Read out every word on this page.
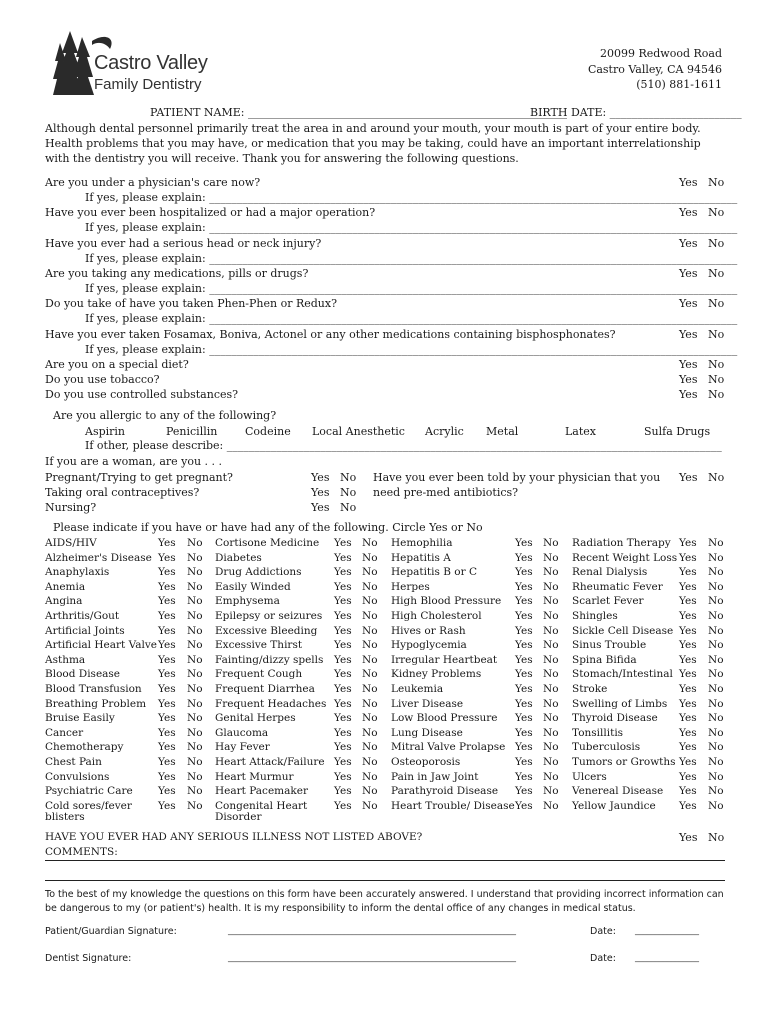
Castro Valley
Family Dentistry
20099 Redwood Road
Castro Valley, CA 94546
(510) 881-1611
PATIENT NAME: __________________________________________________________
BIRTH DATE: ________________________
Although dental personnel primarily treat the area in and around your mouth, your mouth is part of your entire body. Health problems that you may have, or medication that you may be taking, could have an important interrelationship with the dentistry you will receive. Thank you for answering the following questions.
Are you under a physician's care now?	Yes No
If yes, please explain: ________________________________________________________________________________________________
Have you ever been hospitalized or had a major operation?	Yes No
If yes, please explain: ________________________________________________________________________________________________
Have you ever had a serious head or neck injury?	Yes No
If yes, please explain: ________________________________________________________________________________________________
Are you taking any medications, pills or drugs?	Yes No
If yes, please explain: ________________________________________________________________________________________________
Do you take of have you taken Phen-Phen or Redux?	Yes No
If yes, please explain: ________________________________________________________________________________________________
Have you ever taken Fosamax, Boniva, Actonel or any other medications containing bisphosphonates?	Yes No
If yes, please explain: ________________________________________________________________________________________________
Are you on a special diet?	Yes No
Do you use tobacco?	Yes No
Do you use controlled substances?	Yes No
Are you allergic to any of the following?
Aspirin	Penicillin	Codeine Local Anesthetic Acrylic Metal	Latex	Sulfa Drugs
If other, please describe: __________________________________________________________________________________________
If you are a woman, are you . . .
Pregnant/Trying to get pregnant?	Yes No
Taking oral contraceptives?	Yes No
Nursing?	Yes No
Have you ever been told by your physician that you
need pre-med antibiotics?
Yes No
Please indicate if you have or have had any of the following. Circle Yes or No
AIDS/HIV	Yes No Cortisone Medicine Yes No Hemophilia	Yes No Radiation Therapy Yes No
Alzheimer's Disease Yes No Diabetes	Yes No Hepatitis A	Yes No Recent Weight Loss Yes No
Anaphylaxis	Yes No Drug Addictions	Yes No Hepatitis B or C	Yes No Renal Dialysis	Yes No
Anemia	Yes No Easily Winded	Yes No Herpes	Yes No Rheumatic Fever Yes No
Angina	Yes No Emphysema	Yes No High Blood Pressure Yes No Scarlet Fever	Yes No
Arthritis/Gout	Yes No Epilepsy or seizures Yes No High Cholesterol	Yes No Shingles	Yes No
Artificial Joints	Yes No Excessive Bleeding Yes No Hives or Rash	Yes No Sickle Cell Disease Yes No
Artificial Heart Valve Yes No Excessive Thirst	Yes No Hypoglycemia	Yes No Sinus Trouble	Yes No
Asthma	Yes No Fainting/dizzy spells Yes No Irregular Heartbeat Yes No Spina Bifida	Yes No
Blood Disease	Yes No Frequent Cough	Yes No Kidney Problems	Yes No Stomach/Intestinal Yes No
Blood Transfusion Yes No Frequent Diarrhea Yes No Leukemia	Yes No Stroke	Yes No
Breathing Problem Yes No Frequent Headaches Yes No Liver Disease	Yes No Swelling of Limbs Yes No
Bruise Easily	Yes No Genital Herpes	Yes No Low Blood Pressure Yes No Thyroid Disease Yes No
Cancer	Yes No Glaucoma	Yes No Lung Disease	Yes No Tonsillitis	Yes No
Chemotherapy	Yes No Hay Fever	Yes No Mitral Valve Prolapse Yes No Tuberculosis	Yes No
Chest Pain	Yes No Heart Attack/Failure Yes No Osteoporosis	Yes No Tumors or Growths Yes No
Convulsions	Yes No Heart Murmur	Yes No Pain in Jaw Joint	Yes No Ulcers	Yes No
Psychiatric Care Yes No Heart Pacemaker Yes No Parathyroid Disease Yes No Venereal Disease Yes No
Cold sores/fever Yes No Congenital Heart	Yes No Heart Trouble/ Disease Yes No Yellow Jaundice Yes No
blisters	Disorder
HAVE YOU EVER HAD ANY SERIOUS ILLNESS NOT LISTED ABOVE?	Yes No
COMMENTS:
To the best of my knowledge the questions on this form have been accurately answered. I understand that providing incorrect information can be dangerous to my (or patient's) health. It is my responsibility to inform the dental office of any changes in medical status.
Patient/Guardian Signature:	________________________________________________________________________	Date: ________________
Dentist Signature:	________________________________________________________________________	Date: ________________
